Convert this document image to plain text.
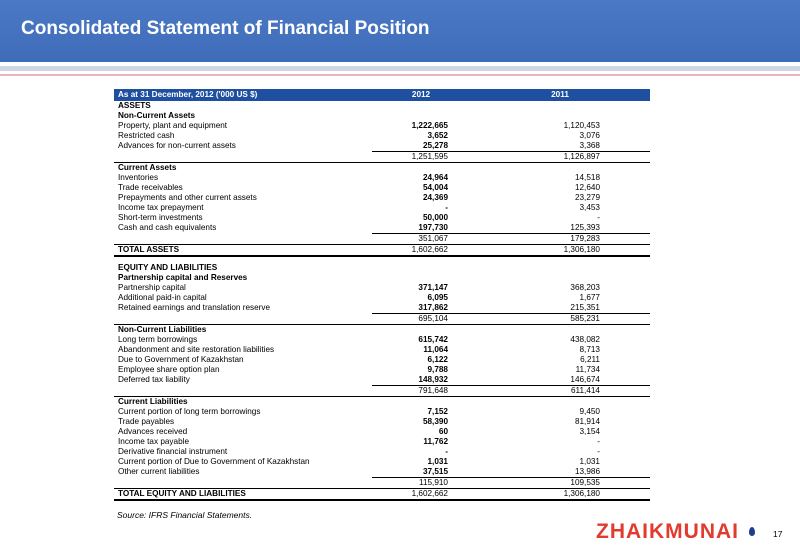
Consolidated Statement of Financial Position
As at 31 December, 2012 ('000 US $)	2012	2011
ASSETS		
Non-Current Assets		
Property, plant and equipment	1,222,665	1,120,453
Restricted cash	3,652	3,076
Advances for non-current assets	25,278	3,368
	1,251,595	1,126,897
Current Assets		
Inventories	24,964	14,518
Trade receivables	54,004	12,640
Prepayments and other current assets	24,369	23,279
Income tax prepayment	-	3,453
Short-term investments	50,000	-
Cash and cash equivalents	197,730	125,393
	351,067	179,283
TOTAL ASSETS	1,602,662	1,306,180

EQUITY AND LIABILITIES		
Partnership capital and Reserves		
Partnership capital	371,147	368,203
Additional paid-in capital	6,095	1,677
Retained earnings and translation reserve	317,862	215,351
	695,104	585,231
Non-Current Liabilities		
Long term borrowings	615,742	438,082
Abandonment and site restoration liabilities	11,064	8,713
Due to Government of Kazakhstan	6,122	6,211
Employee share option plan	9,788	11,734
Deferred tax liability	148,932	146,674
	791,648	611,414
Current Liabilities		
Current portion of long term borrowings	7,152	9,450
Trade payables	58,390	81,914
Advances received	60	3,154
Income tax payable	11,762	-
Derivative financial instrument	-	-
Current portion of Due to Government of Kazakhstan	1,031	1,031
Other current liabilities	37,515	13,986
	115,910	109,535
TOTAL EQUITY AND LIABILITIES	1,602,662	1,306,180
Source: IFRS Financial Statements.
ZHAIKMUNAI	17
